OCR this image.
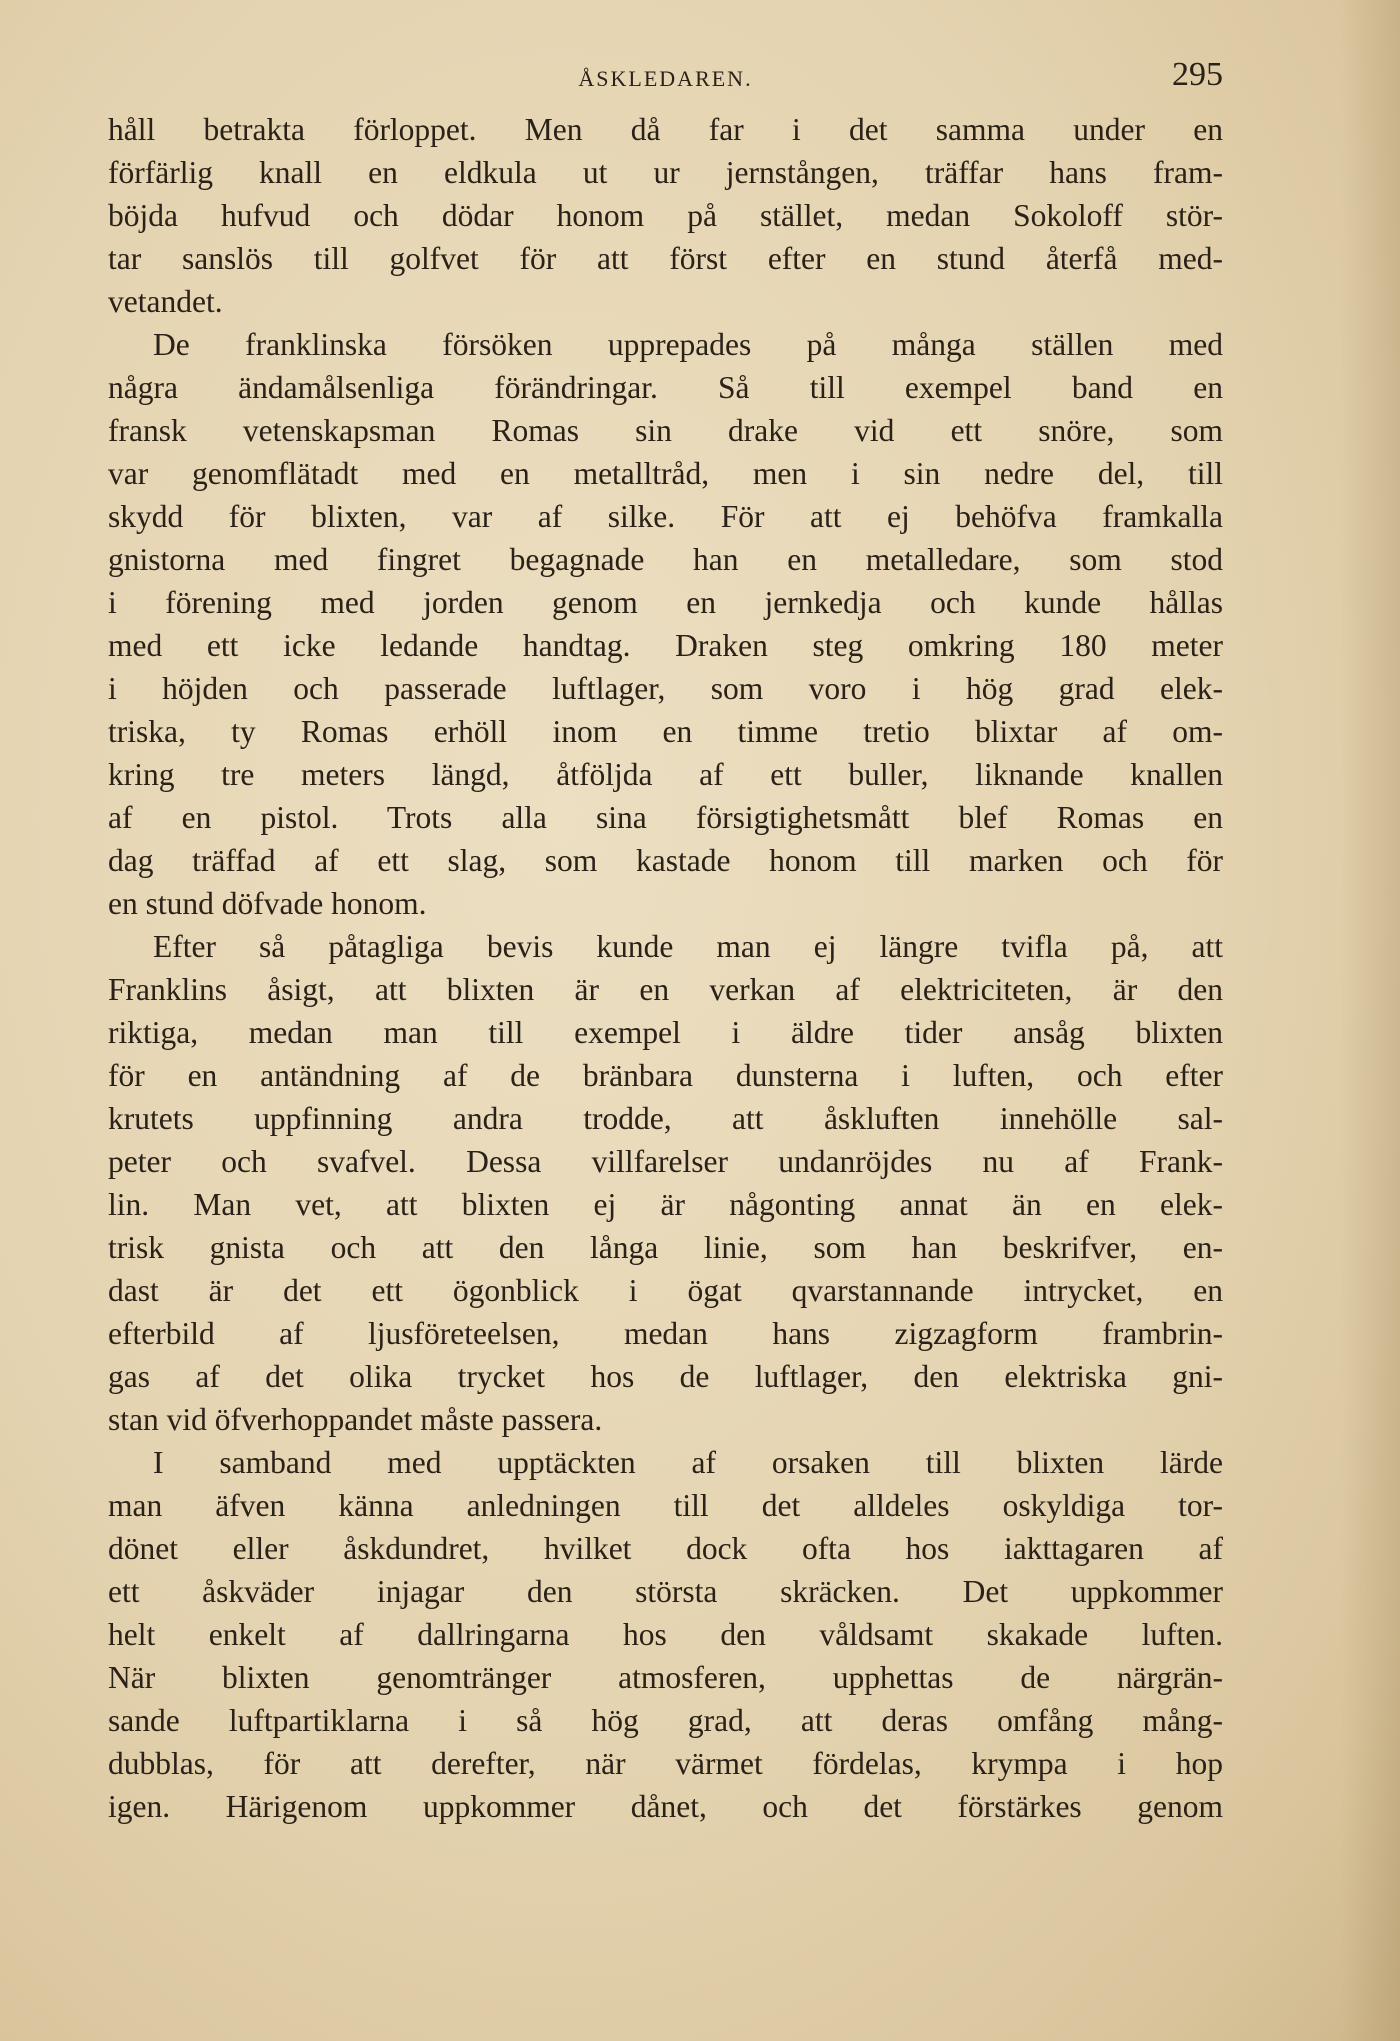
ÅSKLEDAREN.	295
håll betrakta förloppet. Men då far i det samma under en
förfärlig knall en eldkula ut ur jernstången, träffar hans fram-
böjda hufvud och dödar honom på stället, medan Sokoloff stör-
tar sanslös till golfvet för att först efter en stund återfå med-
vetandet.
De franklinska försöken upprepades på många ställen med
några ändamålsenliga förändringar. Så till exempel band en
fransk vetenskapsman Romas sin drake vid ett snöre, som
var genomflätadt med en metalltråd, men i sin nedre del, till
skydd för blixten, var af silke. För att ej behöfva framkalla
gnistorna med fingret begagnade han en metalledare, som stod
i förening med jorden genom en jernkedja och kunde hållas
med ett icke ledande handtag. Draken steg omkring 180 meter
i höjden och passerade luftlager, som voro i hög grad elek-
triska, ty Romas erhöll inom en timme tretio blixtar af om-
kring tre meters längd, åtföljda af ett buller, liknande knallen
af en pistol. Trots alla sina försigtighetsmått blef Romas en
dag träffad af ett slag, som kastade honom till marken och för
en stund döfvade honom.
Efter så påtagliga bevis kunde man ej längre tvifla på, att
Franklins åsigt, att blixten är en verkan af elektriciteten, är den
riktiga, medan man till exempel i äldre tider ansåg blixten
för en antändning af de bränbara dunsterna i luften, och efter
krutets uppfinning andra trodde, att åskluften innehölle sal-
peter och svafvel. Dessa villfarelser undanröjdes nu af Frank-
lin. Man vet, att blixten ej är någonting annat än en elek-
trisk gnista och att den långa linie, som han beskrifver, en-
dast är det ett ögonblick i ögat qvarstannande intrycket, en
efterbild af ljusföreteelsen, medan hans zigzagform frambrin-
gas af det olika trycket hos de luftlager, den elektriska gni-
stan vid öfverhoppandet måste passera.
I samband med upptäckten af orsaken till blixten lärde
man äfven känna anledningen till det alldeles oskyldiga tor-
dönet eller åskdundret, hvilket dock ofta hos iakttagaren af
ett åskväder injagar den största skräcken. Det uppkommer
helt enkelt af dallringarna hos den våldsamt skakade luften.
När blixten genomtränger atmosferen, upphettas de närgrän-
sande luftpartiklarna i så hög grad, att deras omfång mång-
dubblas, för att derefter, när värmet fördelas, krympa i hop
igen. Härigenom uppkommer dånet, och det förstärkes genom
